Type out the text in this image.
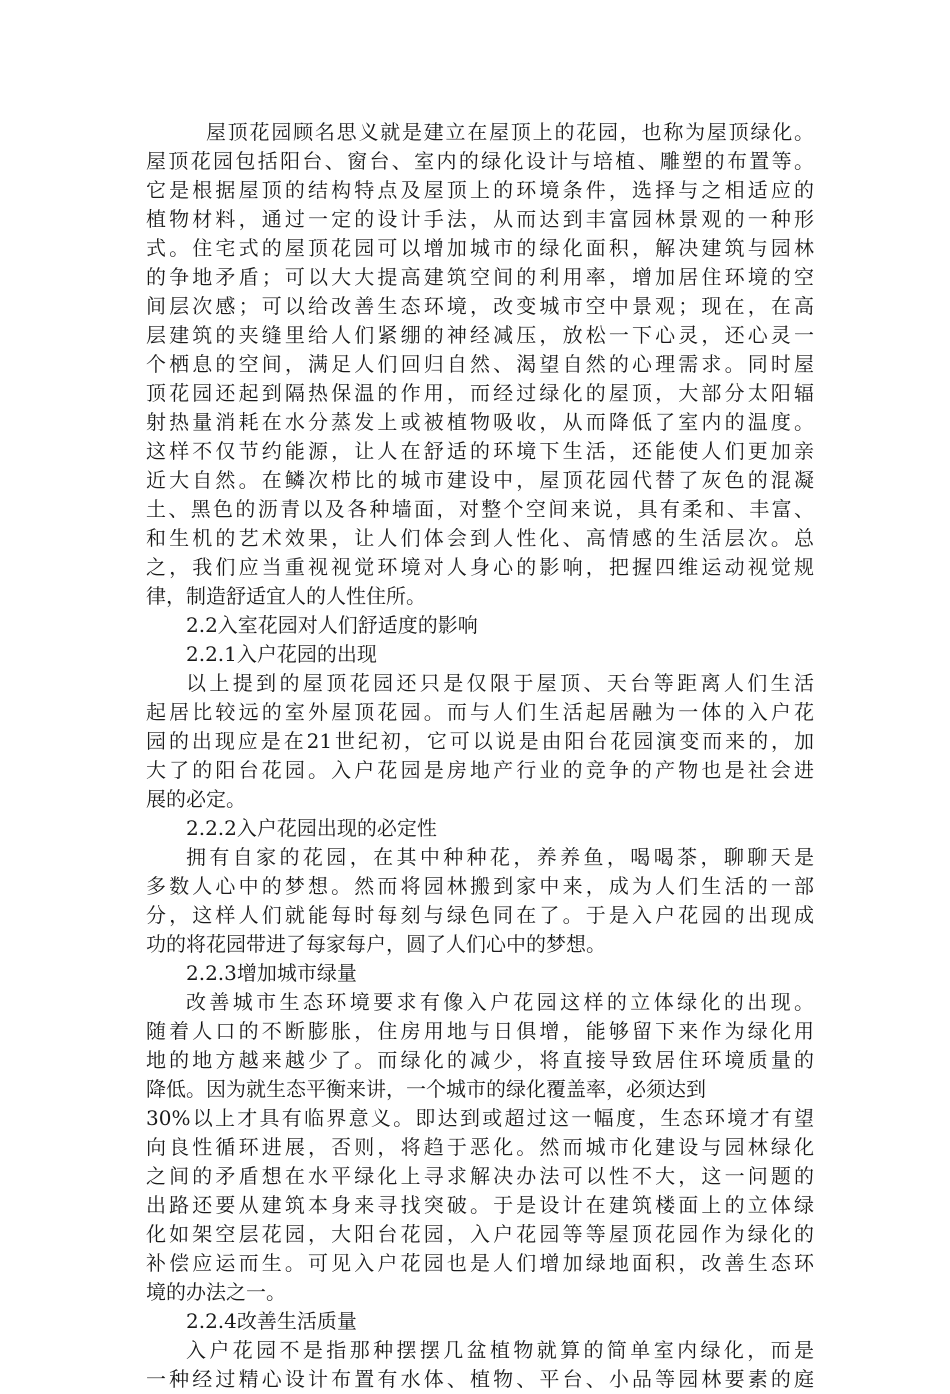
屋顶花园顾名思义就是建立在屋顶上的花园，也称为屋顶绿化。
屋顶花园包括阳台、窗台、室内的绿化设计与培植、雕塑的布置等。
它是根据屋顶的结构特点及屋顶上的环境条件，选择与之相适应的
植物材料，通过一定的设计手法，从而达到丰富园林景观的一种形
式。住宅式的屋顶花园可以增加城市的绿化面积，解决建筑与园林
的争地矛盾；可以大大提高建筑空间的利用率，增加居住环境的空
间层次感；可以给改善生态环境，改变城市空中景观；现在，在高
层建筑的夹缝里给人们紧绷的神经减压，放松一下心灵，还心灵一
个栖息的空间，满足人们回归自然、渴望自然的心理需求。同时屋
顶花园还起到隔热保温的作用，而经过绿化的屋顶，大部分太阳辐
射热量消耗在水分蒸发上或被植物吸收，从而降低了室内的温度。
这样不仅节约能源，让人在舒适的环境下生活，还能使人们更加亲
近大自然。在鳞次栉比的城市建设中，屋顶花园代替了灰色的混凝
土、黑色的沥青以及各种墙面，对整个空间来说，具有柔和、丰富、
和生机的艺术效果，让人们体会到人性化、高情感的生活层次。总
之，我们应当重视视觉环境对人身心的影响，把握四维运动视觉规
律，制造舒适宜人的人性住所。
2.2入室花园对人们舒适度的影响
2.2.1入户花园的出现
以上提到的屋顶花园还只是仅限于屋顶、天台等距离人们生活
起居比较远的室外屋顶花园。而与人们生活起居融为一体的入户花
园的出现应是在21世纪初，它可以说是由阳台花园演变而来的，加
大了的阳台花园。入户花园是房地产行业的竞争的产物也是社会进
展的必定。
2.2.2入户花园出现的必定性
拥有自家的花园，在其中种种花，养养鱼，喝喝茶，聊聊天是
多数人心中的梦想。然而将园林搬到家中来，成为人们生活的一部
分，这样人们就能每时每刻与绿色同在了。于是入户花园的出现成
功的将花园带进了每家每户，圆了人们心中的梦想。
2.2.3增加城市绿量
改善城市生态环境要求有像入户花园这样的立体绿化的出现。
随着人口的不断膨胀，住房用地与日俱增，能够留下来作为绿化用
地的地方越来越少了。而绿化的减少，将直接导致居住环境质量的
降低。因为就生态平衡来讲，一个城市的绿化覆盖率，必须达到
30%以上才具有临界意义。即达到或超过这一幅度，生态环境才有望
向良性循环进展，否则，将趋于恶化。然而城市化建设与园林绿化
之间的矛盾想在水平绿化上寻求解决办法可以性不大，这一问题的
出路还要从建筑本身来寻找突破。于是设计在建筑楼面上的立体绿
化如架空层花园，大阳台花园，入户花园等等屋顶花园作为绿化的
补偿应运而生。可见入户花园也是人们增加绿地面积，改善生态环
境的办法之一。
2.2.4改善生活质量
入户花园不是指那种摆摆几盆植物就算的简单室内绿化，而是
一种经过精心设计布置有水体、植物、平台、小品等园林要素的庭
